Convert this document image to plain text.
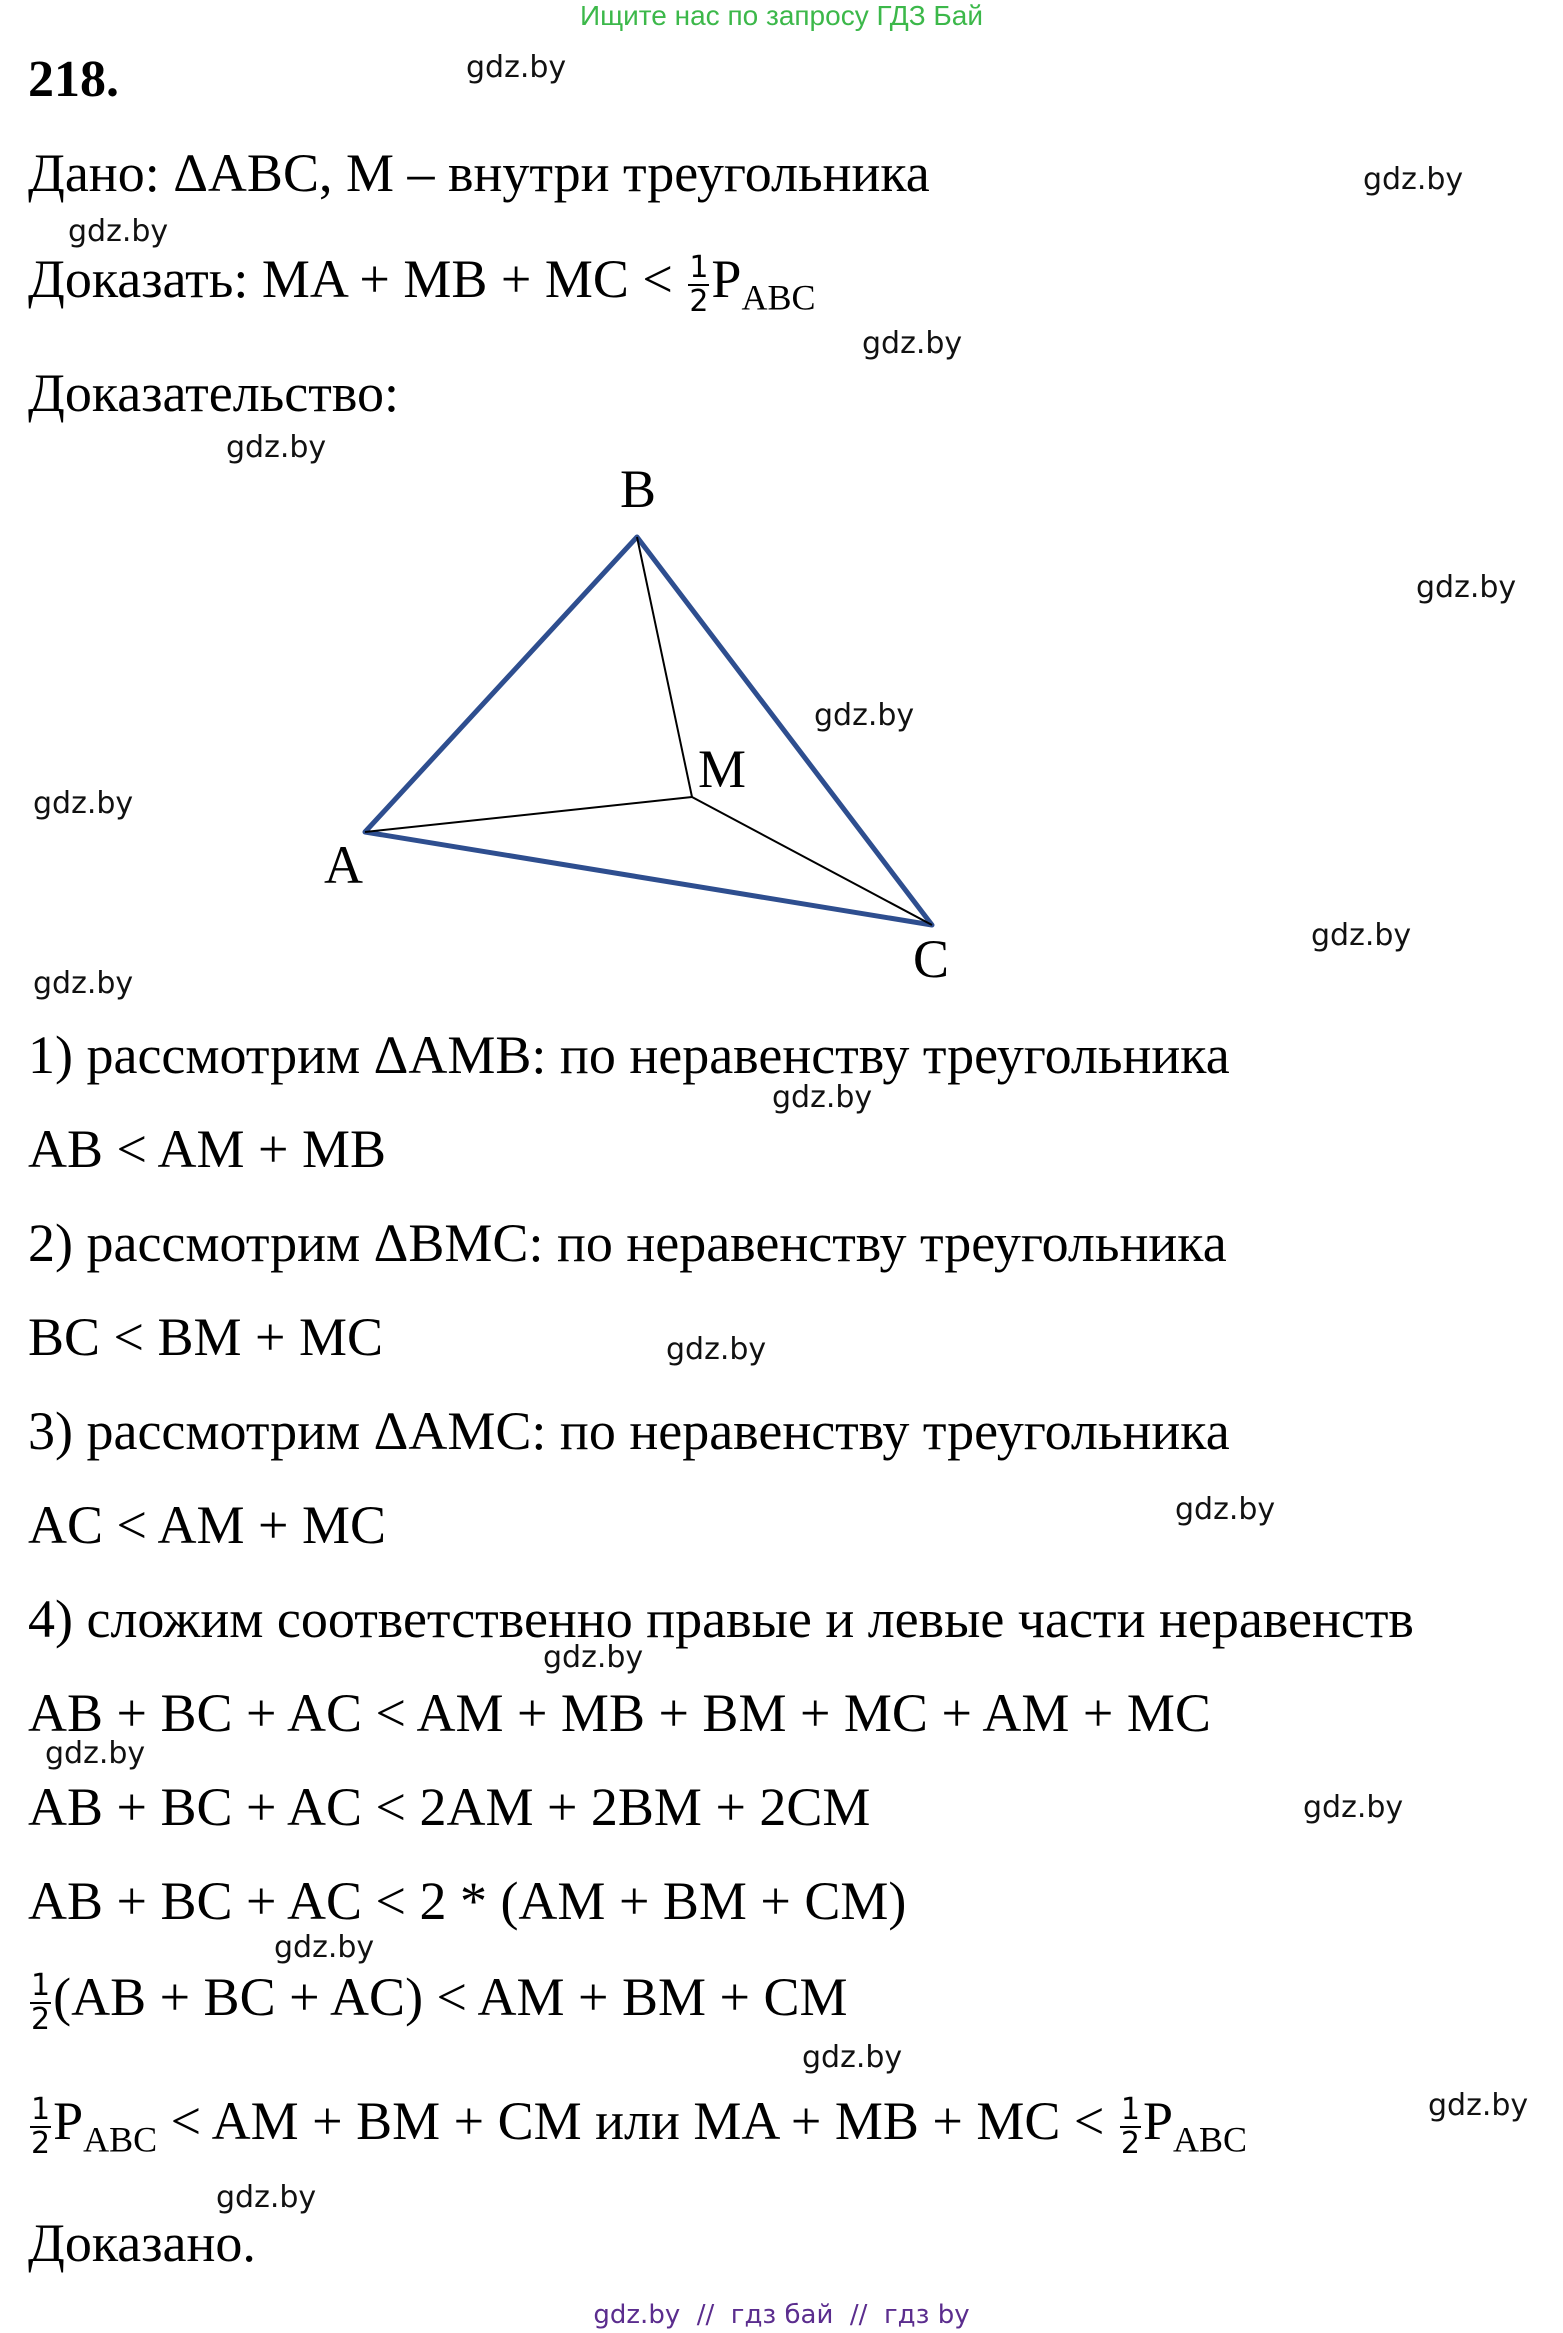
Ищите нас по запросу ГДЗ Бай
218.
Дано: ΔABC, M – внутри треугольника
Доказать: MA + MB + MC < $\frac{1}{2} P_{ABC}$
Доказательство:
B
M
A
C
1) рассмотрим ΔAMB: по неравенству треугольника
AB < AM + MB
2) рассмотрим ΔBMC: по неравенству треугольника
BC < BM + MC
3) рассмотрим ΔAMC: по неравенству треугольника
AC < AM + MC
4) сложим соответственно правые и левые части неравенств
AB + BC + AC < AM + MB + BM + MC + AM + MC
AB + BC + AC < 2AM + 2BM + 2CM
AB + BC + AC < 2 * (AM + BM + CM)
$\frac{1}{2} (AB$ + BC + AC) < AM + BM + CM
$\frac{1}{2} P_{ABC}$ < AM + BM + CM или MA + MB + MC < $\frac{1}{2} P_{ABC}$
Доказано.
gdz.by
gdz.by
gdz.by
gdz.by
gdz.by
gdz.by
gdz.by
gdz.by
gdz.by
gdz.by
gdz.by
gdz.by
gdz.by
gdz.by
gdz.by
gdz.by
gdz.by
gdz.by
gdz.by
gdz.by
gdz.by  //  гдз бай  //  гдз by
